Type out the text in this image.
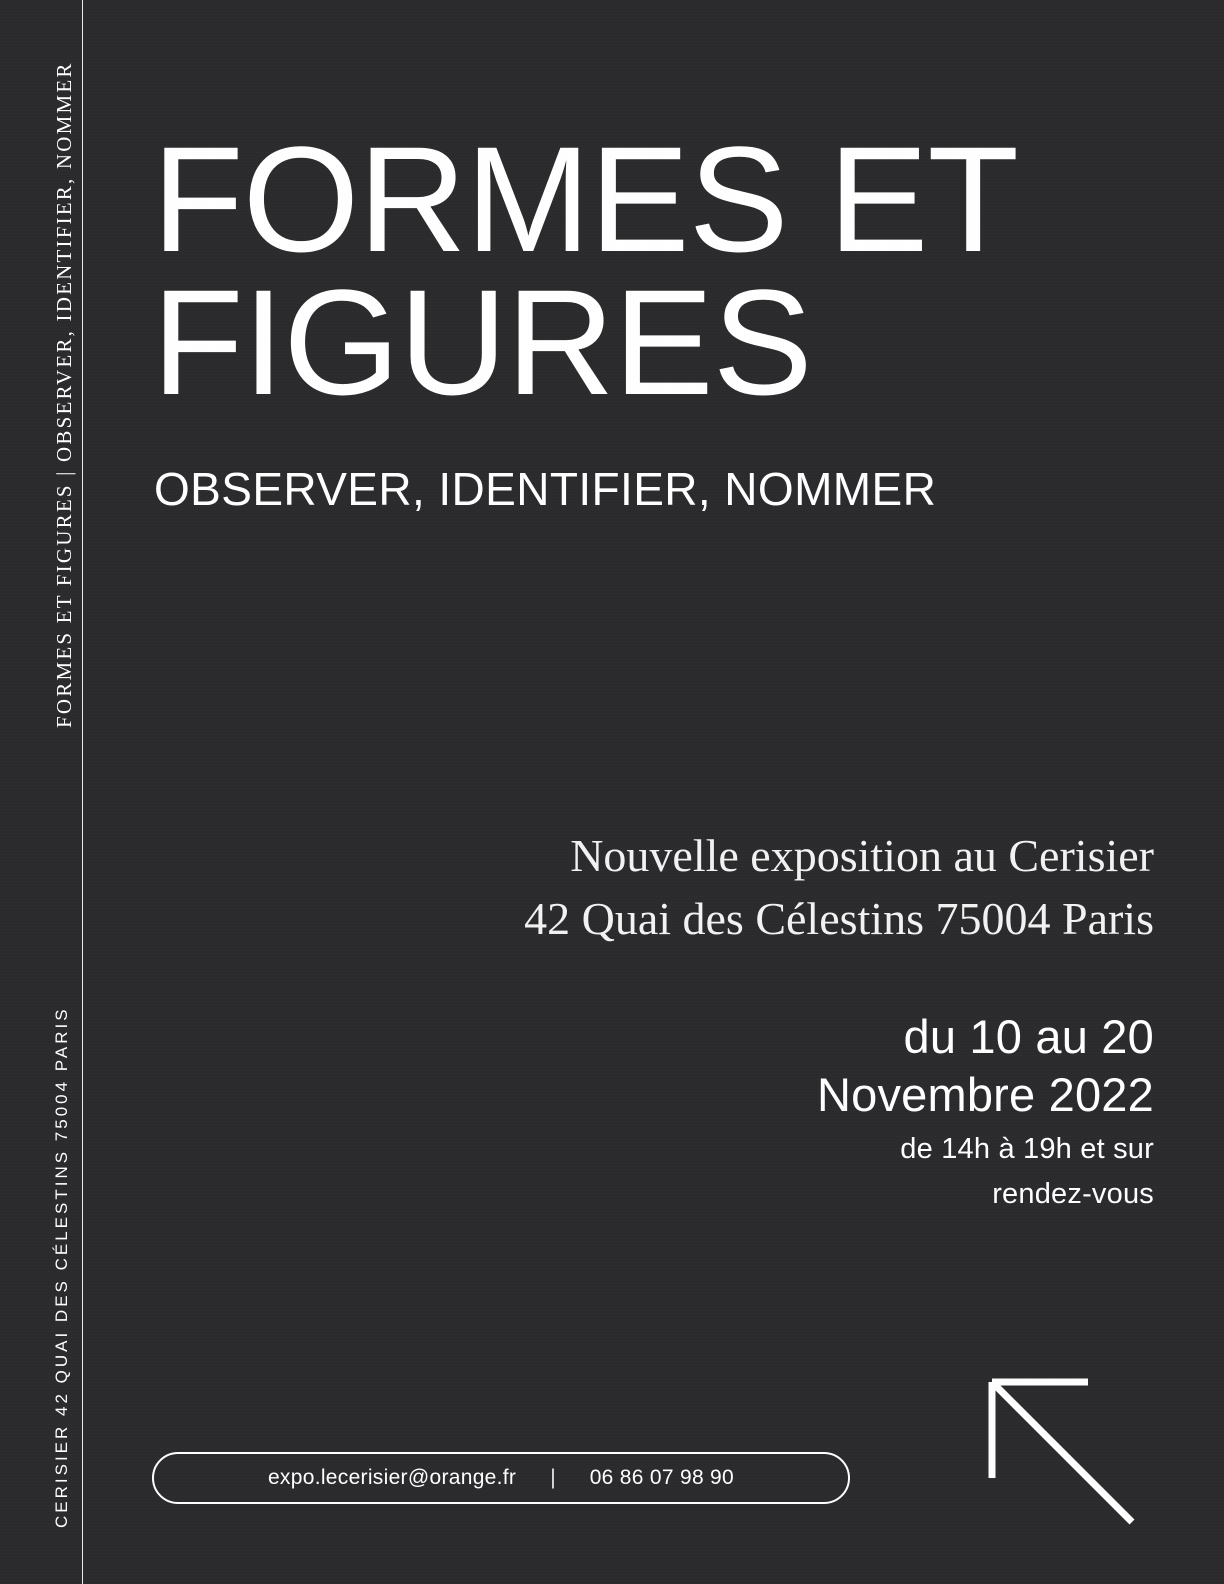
FORMES ET FIGURES | OBSERVER, IDENTIFIER, NOMMER
CERISIER 42 QUAI DES CÉLESTINS 75004 PARIS
FORMES ET
FIGURES
OBSERVER, IDENTIFIER, NOMMER
Nouvelle exposition au Cerisier
42 Quai des Célestins 75004 Paris
du 10 au 20
Novembre 2022
de 14h à 19h et sur
rendez-vous
expo.lecerisier@orange.fr | 06 86 07 98 90
